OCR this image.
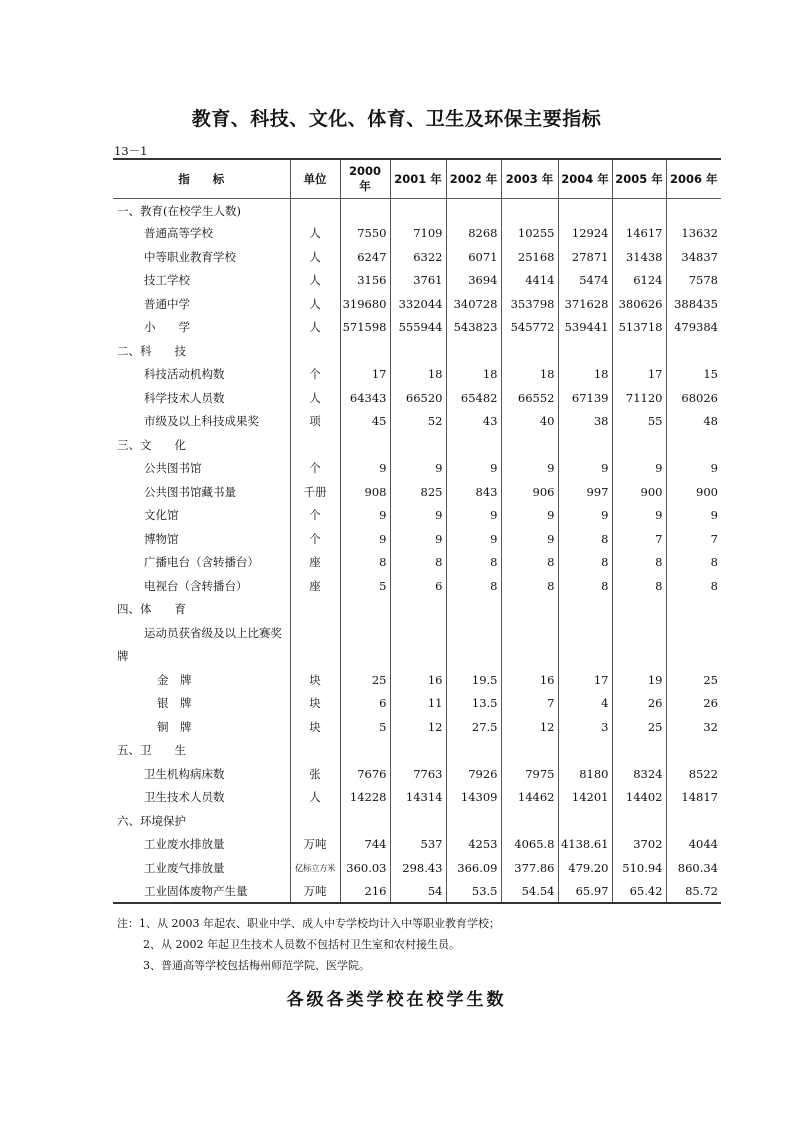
教育、科技、文化、体育、卫生及环保主要指标
13－1
指　　标	单位	2000 年	2001 年	2002 年	2003 年	2004 年	2005 年	2006 年
一、教育(在校学生人数)								
普通高等学校	人	7550	7109	8268	10255	12924	14617	13632
中等职业教育学校	人	6247	6322	6071	25168	27871	31438	34837
技工学校	人	3156	3761	3694	4414	5474	6124	7578
普通中学	人	319680	332044	340728	353798	371628	380626	388435
小　　学	人	571598	555944	543823	545772	539441	513718	479384
二、科　　技								
科技活动机构数	个	17	18	18	18	18	17	15
科学技术人员数	人	64343	66520	65482	66552	67139	71120	68026
市级及以上科技成果奖	项	45	52	43	40	38	55	48
三、文　　化								
公共图书馆	个	9	9	9	9	9	9	9
公共图书馆藏书量	千册	908	825	843	906	997	900	900
文化馆	个	9	9	9	9	9	9	9
博物馆	个	9	9	9	9	8	7	7
广播电台（含转播台）	座	8	8	8	8	8	8	8
电视台（含转播台）	座	5	6	8	8	8	8	8
四、体　　育								
运动员获省级及以上比赛奖								
牌								
金　牌	块	25	16	19.5	16	17	19	25
银　牌	块	6	11	13.5	7	4	26	26
铜　牌	块	5	12	27.5	12	3	25	32
五、卫　　生								
卫生机构病床数	张	7676	7763	7926	7975	8180	8324	8522
卫生技术人员数	人	14228	14314	14309	14462	14201	14402	14817
六、环境保护								
工业废水排放量	万吨	744	537	4253	4065.8	4138.61	3702	4044
工业废气排放量	亿标立方米	360.03	298.43	366.09	377.86	479.20	510.94	860.34
工业固体废物产生量	万吨	216	54	53.5	54.54	65.97	65.42	85.72
注：1、从 2003 年起农、职业中学、成人中专学校均计入中等职业教育学校；
2、从 2002 年起卫生技术人员数不包括村卫生室和农村接生员。
3、普通高等学校包括梅州师范学院、医学院。
各级各类学校在校学生数
